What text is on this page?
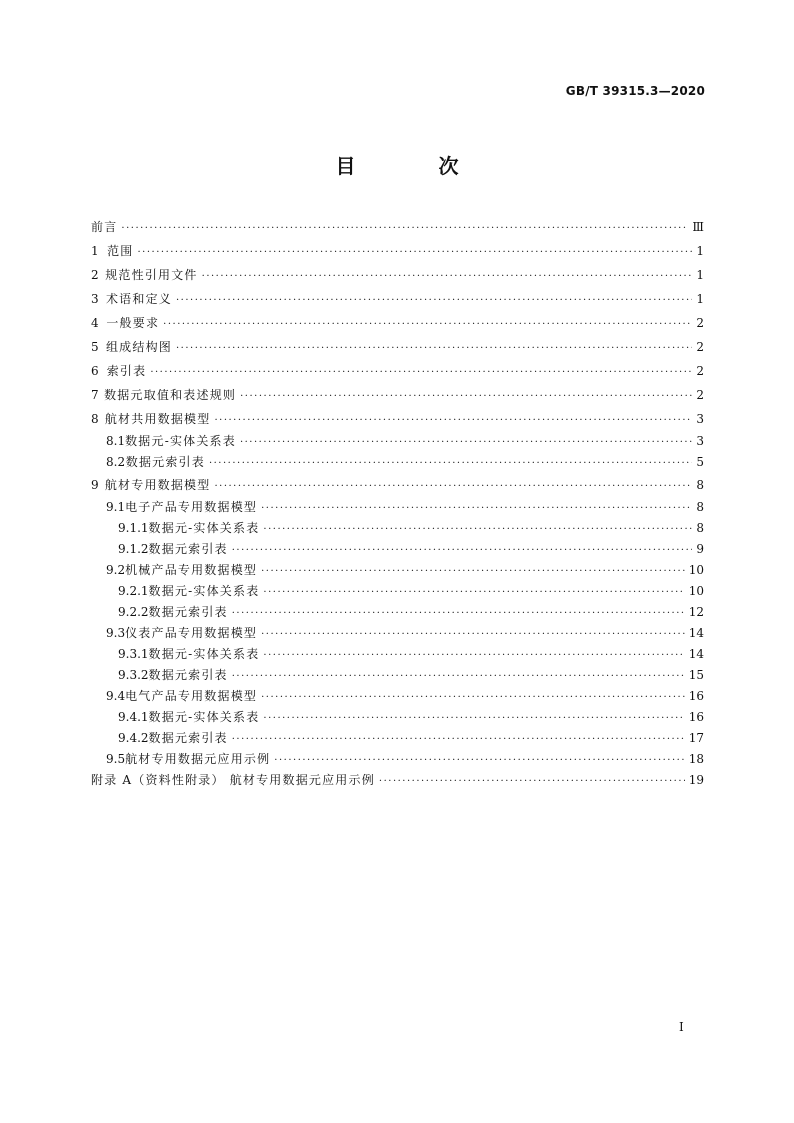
GB/T 39315.3—2020
目 次
前言 ·····	Ⅲ
1 范围 ·····	1
2 规范性引用文件 ·····	1
3 术语和定义 ·····	1
4 一般要求 ·····	2
5 组成结构图 ·····	2
6 索引表 ·····	2
7 数据元取值和表述规则 ·····	2
8 航材共用数据模型 ·····	3
8.1 数据元-实体关系表 ·····	3
8.2 数据元索引表 ·····	5
9 航材专用数据模型 ·····	8
9.1 电子产品专用数据模型 ·····	8
9.1.1 数据元-实体关系表 ·····	8
9.1.2 数据元索引表 ·····	9
9.2 机械产品专用数据模型 ·····	10
9.2.1 数据元-实体关系表 ·····	10
9.2.2 数据元索引表 ·····	12
9.3 仪表产品专用数据模型 ·····	14
9.3.1 数据元-实体关系表 ·····	14
9.3.2 数据元索引表 ·····	15
9.4 电气产品专用数据模型 ·····	16
9.4.1 数据元-实体关系表 ·····	16
9.4.2 数据元索引表 ·····	17
9.5 航材专用数据元应用示例 ·····	18
附录 A（资料性附录） 航材专用数据元应用示例 ·····	19
I
